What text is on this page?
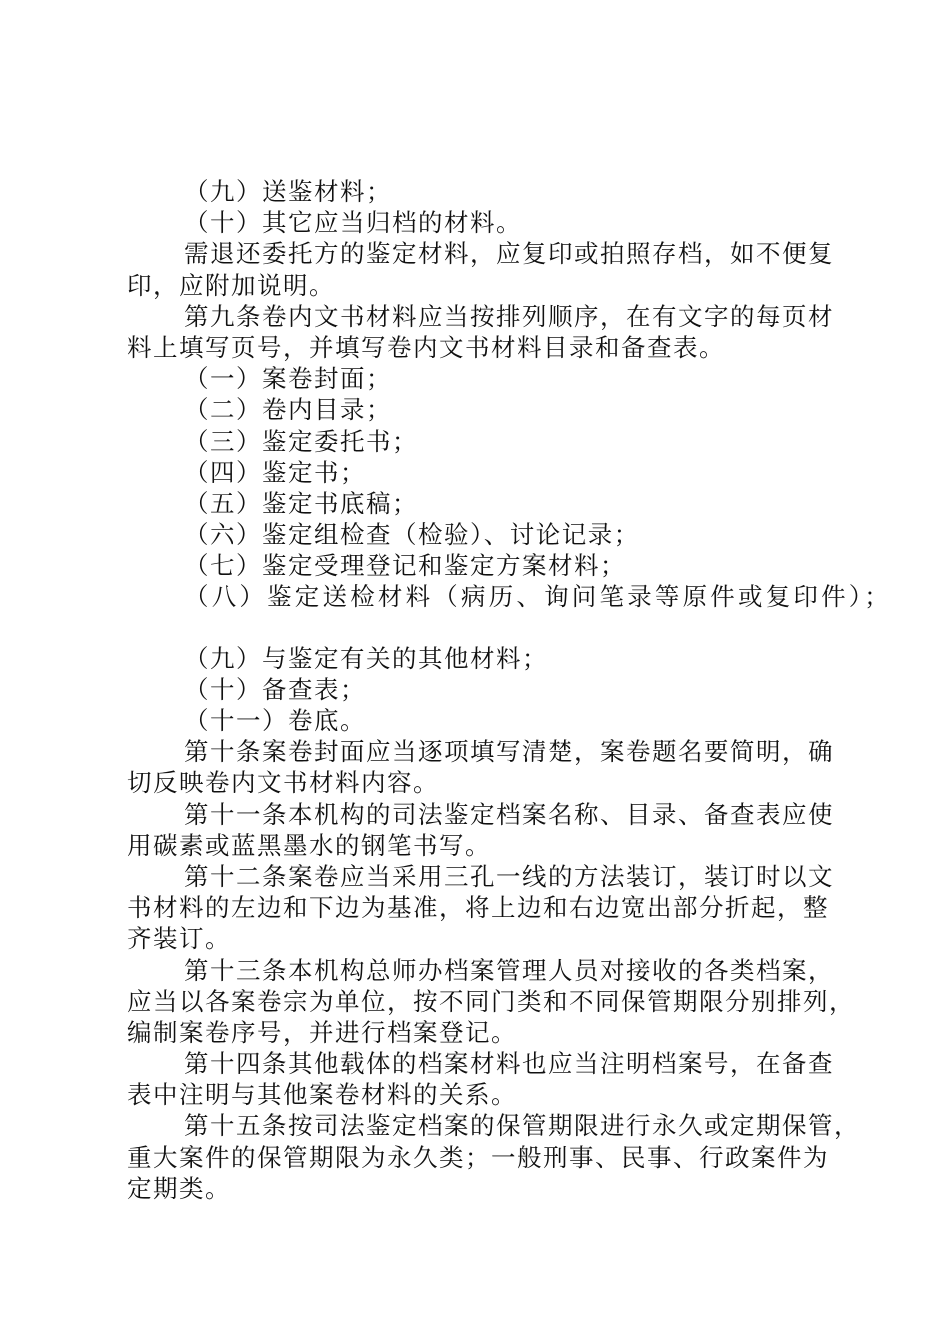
（九）送鉴材料；
（十）其它应当归档的材料。
需退还委托方的鉴定材料，应复印或拍照存档，如不便复
印，应附加说明。
第九条卷内文书材料应当按排列顺序，在有文字的每页材
料上填写页号，并填写卷内文书材料目录和备查表。
（一）案卷封面；
（二）卷内目录；
（三）鉴定委托书；
（四）鉴定书；
（五）鉴定书底稿；
（六）鉴定组检查（检验）、讨论记录；
（七）鉴定受理登记和鉴定方案材料；
（八）鉴定送检材料（病历、询问笔录等原件或复印件）；
（九）与鉴定有关的其他材料；
（十）备查表；
（十一）卷底。
第十条案卷封面应当逐项填写清楚，案卷题名要简明，确
切反映卷内文书材料内容。
第十一条本机构的司法鉴定档案名称、目录、备查表应使
用碳素或蓝黑墨水的钢笔书写。
第十二条案卷应当采用三孔一线的方法装订，装订时以文
书材料的左边和下边为基准，将上边和右边宽出部分折起，整
齐装订。
第十三条本机构总师办档案管理人员对接收的各类档案，
应当以各案卷宗为单位，按不同门类和不同保管期限分别排列，
编制案卷序号，并进行档案登记。
第十四条其他载体的档案材料也应当注明档案号，在备查
表中注明与其他案卷材料的关系。
第十五条按司法鉴定档案的保管期限进行永久或定期保管，
重大案件的保管期限为永久类；一般刑事、民事、行政案件为
定期类。
